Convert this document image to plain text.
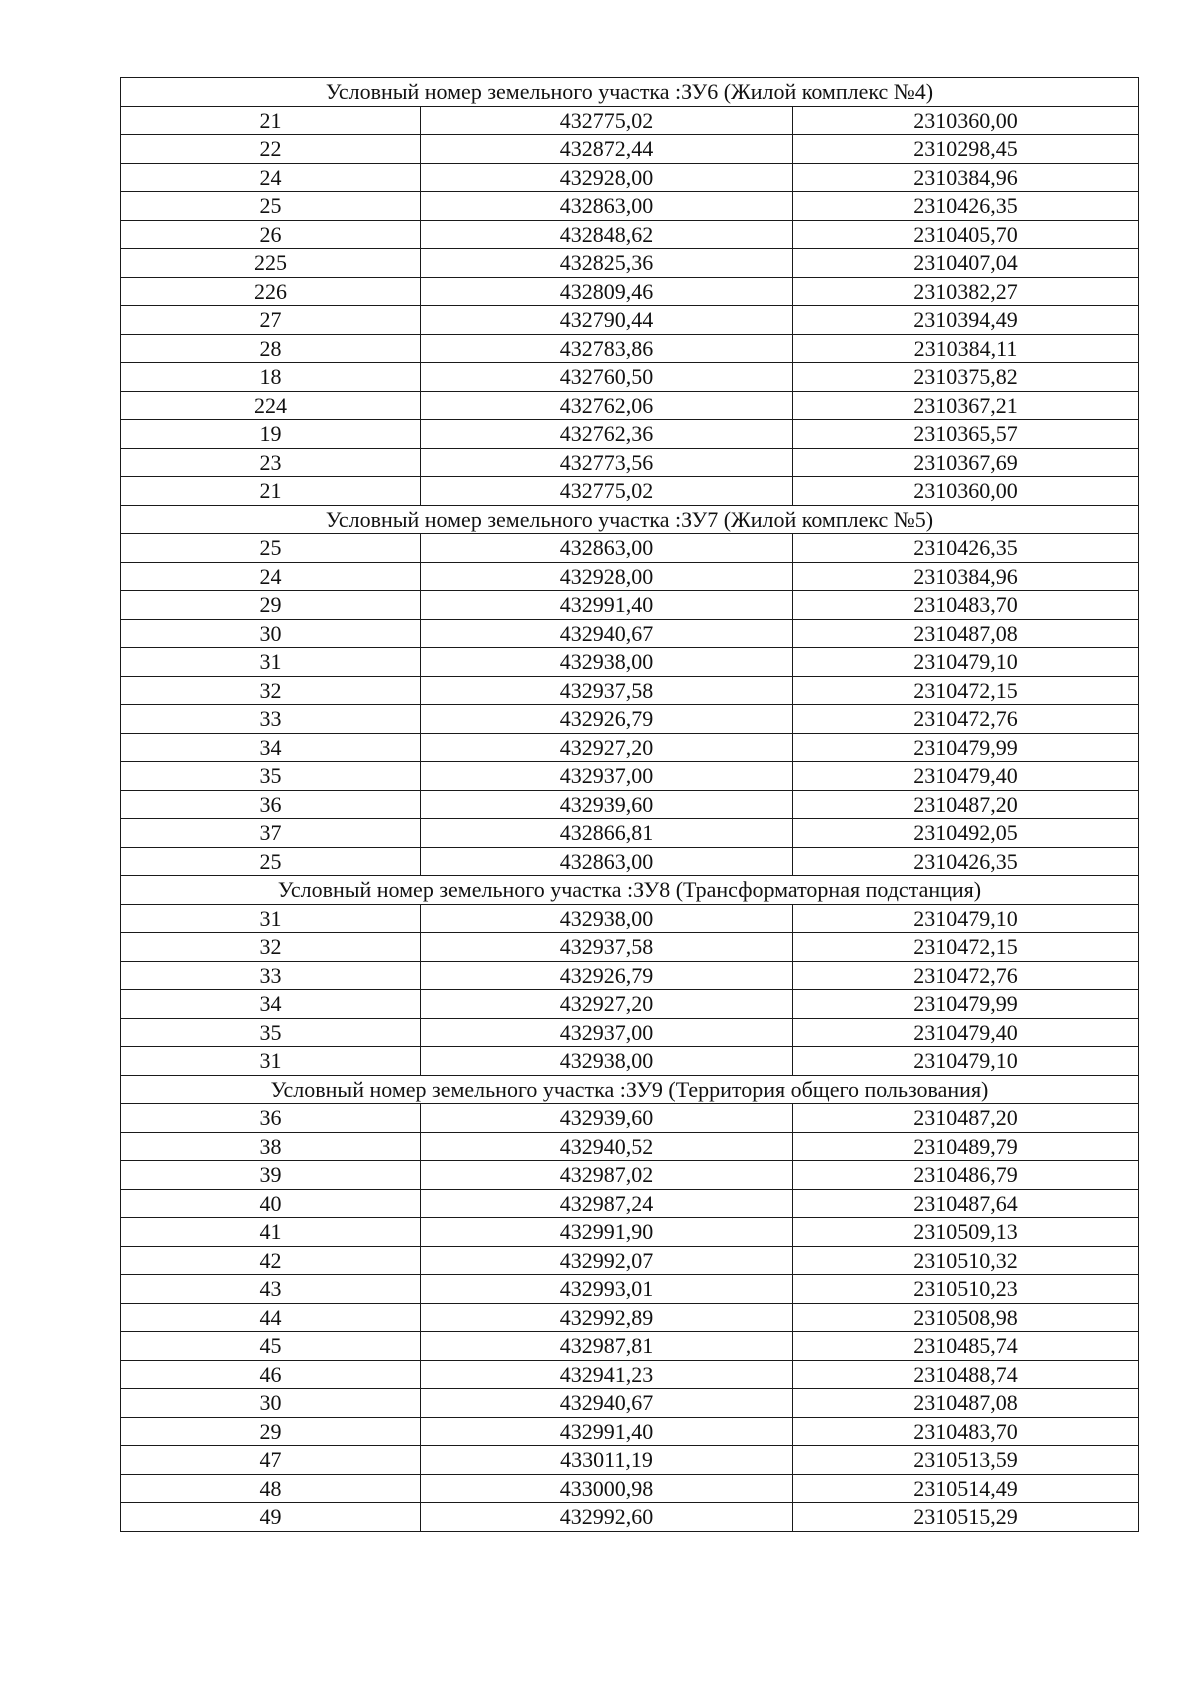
Условный номер земельного участка :ЗУ6 (Жилой комплекс №4)		
21	432775,02	2310360,00
22	432872,44	2310298,45
24	432928,00	2310384,96
25	432863,00	2310426,35
26	432848,62	2310405,70
225	432825,36	2310407,04
226	432809,46	2310382,27
27	432790,44	2310394,49
28	432783,86	2310384,11
18	432760,50	2310375,82
224	432762,06	2310367,21
19	432762,36	2310365,57
23	432773,56	2310367,69
21	432775,02	2310360,00
Условный номер земельного участка :ЗУ7 (Жилой комплекс №5)		
25	432863,00	2310426,35
24	432928,00	2310384,96
29	432991,40	2310483,70
30	432940,67	2310487,08
31	432938,00	2310479,10
32	432937,58	2310472,15
33	432926,79	2310472,76
34	432927,20	2310479,99
35	432937,00	2310479,40
36	432939,60	2310487,20
37	432866,81	2310492,05
25	432863,00	2310426,35
Условный номер земельного участка :ЗУ8 (Трансформаторная подстанция)		
31	432938,00	2310479,10
32	432937,58	2310472,15
33	432926,79	2310472,76
34	432927,20	2310479,99
35	432937,00	2310479,40
31	432938,00	2310479,10
Условный номер земельного участка :ЗУ9 (Территория общего пользования)		
36	432939,60	2310487,20
38	432940,52	2310489,79
39	432987,02	2310486,79
40	432987,24	2310487,64
41	432991,90	2310509,13
42	432992,07	2310510,32
43	432993,01	2310510,23
44	432992,89	2310508,98
45	432987,81	2310485,74
46	432941,23	2310488,74
30	432940,67	2310487,08
29	432991,40	2310483,70
47	433011,19	2310513,59
48	433000,98	2310514,49
49	432992,60	2310515,29
